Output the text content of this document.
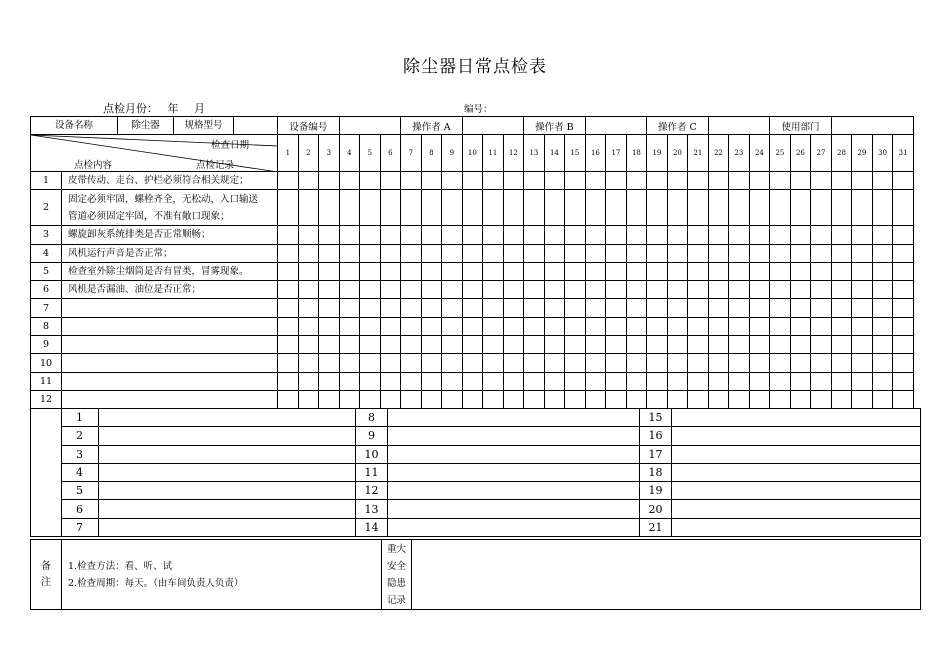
除尘器日常点检表
点检月份： 年 月	编号：
设备名称 除尘器 规格型号		设备编号						操作者 A						操作者 B						操作者 C						使用部门						

检查日期
点检内容 点检记录		1	2	3	4	5	6	7	8	9	10	11	12	13	14	15	16	17	18	19	20	21	22	23	24	25	26	27	28	29	30	31
1	皮带传动、走台、护栏必须符合相关规定；																															

2	固定必须牢固，螺栓齐全，无松动，入口输送
管道必须固定牢固，不准有敞口现象；																															

3	螺旋卸灰系统排类是否正常顺畅；																															

4	风机运行声音是否正常；																															

5	检查室外除尘烟筒是否有冒类，冒雾现象。																															

6	风机是否漏油、油位是否正常；																															

7	

8	

9	

10	

11	

12	

	1		8		15	
	2		9		16	
	3		10		17	
	4		11		18	
	5		12		19	
	6		13		20	
	7		14		21	
备
注

1.检查方法：看、听、试
2.检查周期：每天。（由车间负责人负责）

重大
安全
隐患
记录
